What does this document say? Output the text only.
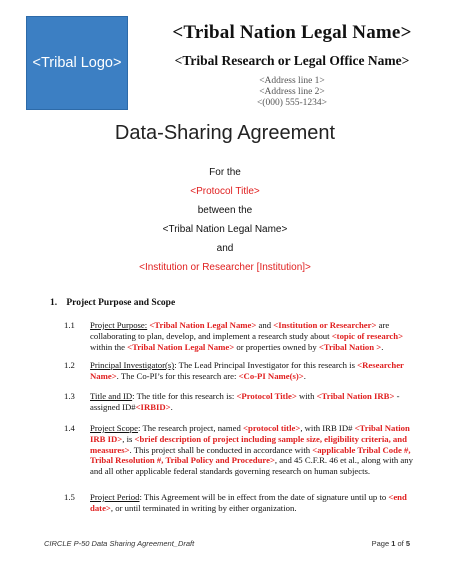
<Tribal Logo>
<Tribal Nation Legal Name>
<Tribal Research or Legal Office Name>
<Address line 1>
<Address line 2>
<(000) 555-1234>
Data-Sharing Agreement
For the
<Protocol Title>
between the
<Tribal Nation Legal Name>
and
<Institution or Researcher [Institution]>
1. Project Purpose and Scope
1.1 Project Purpose: <Tribal Nation Legal Name> and <Institution or Researcher> are collaborating to plan, develop, and implement a research study about <topic of research> within the <Tribal Nation Legal Name> or properties owned by <Tribal Nation >.
1.2 Principal Investigator(s): The Lead Principal Investigator for this research is <Researcher Name>. The Co-PI’s for this research are: <Co-PI Name(s)>.
1.3 Title and ID: The title for this research is: <Protocol Title> with <Tribal Nation IRB> -assigned ID#<IRBID>.
1.4 Project Scope: The research project, named <protocol title>, with IRB ID# <Tribal Nation IRB ID>, is <brief description of project including sample size, eligibility criteria, and measures>. This project shall be conducted in accordance with <applicable Tribal Code #, Tribal Resolution #, Tribal Policy and Procedure>, and 45 C.F.R. 46 et al., along with any and all other applicable federal standards governing research on human subjects.
1.5 Project Period: This Agreement will be in effect from the date of signature until up to <end date>, or until terminated in writing by either organization.
CIRCLE P-50 Data Sharing Agreement_Draft	Page 1 of 5
